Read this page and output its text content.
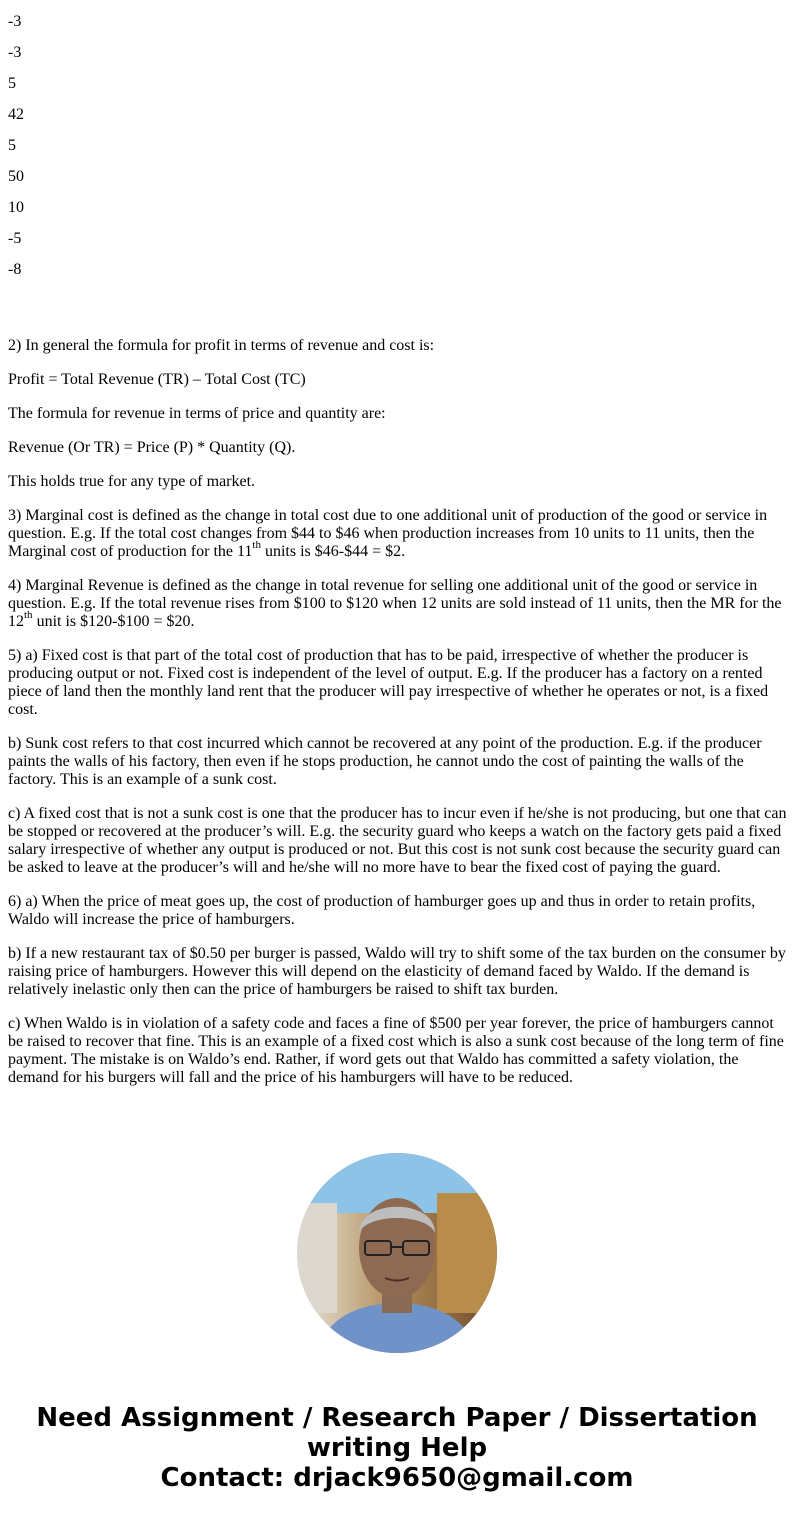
-3
-3
5
42
5
50
10
-5
-8

2) In general the formula for profit in terms of revenue and cost is:

Profit = Total Revenue (TR) – Total Cost (TC)

The formula for revenue in terms of price and quantity are:

Revenue (Or TR) = Price (P) * Quantity (Q).

This holds true for any type of market.

3) Marginal cost is defined as the change in total cost due to one additional unit of production of the good or service in question. E.g. If the total cost changes from $44 to $46 when production increases from 10 units to 11 units, then the Marginal cost of production for the 11th units is $46-$44 = $2.

4) Marginal Revenue is defined as the change in total revenue for selling one additional unit of the good or service in question. E.g. If the total revenue rises from $100 to $120 when 12 units are sold instead of 11 units, then the MR for the 12th unit is $120-$100 = $20.

5) a) Fixed cost is that part of the total cost of production that has to be paid, irrespective of whether the producer is producing output or not. Fixed cost is independent of the level of output. E.g. If the producer has a factory on a rented piece of land then the monthly land rent that the producer will pay irrespective of whether he operates or not, is a fixed cost.

b) Sunk cost refers to that cost incurred which cannot be recovered at any point of the production. E.g. if the producer paints the walls of his factory, then even if he stops production, he cannot undo the cost of painting the walls of the factory. This is an example of a sunk cost.

c) A fixed cost that is not a sunk cost is one that the producer has to incur even if he/she is not producing, but one that can be stopped or recovered at the producer’s will. E.g. the security guard who keeps a watch on the factory gets paid a fixed salary irrespective of whether any output is produced or not. But this cost is not sunk cost because the security guard can be asked to leave at the producer’s will and he/she will no more have to bear the fixed cost of paying the guard.

6) a) When the price of meat goes up, the cost of production of hamburger goes up and thus in order to retain profits, Waldo will increase the price of hamburgers.

b) If a new restaurant tax of $0.50 per burger is passed, Waldo will try to shift some of the tax burden on the consumer by raising price of hamburgers. However this will depend on the elasticity of demand faced by Waldo. If the demand is relatively inelastic only then can the price of hamburgers be raised to shift tax burden.

c) When Waldo is in violation of a safety code and faces a fine of $500 per year forever, the price of hamburgers cannot be raised to recover that fine. This is an example of a fixed cost which is also a sunk cost because of the long term of fine payment. The mistake is on Waldo’s end. Rather, if word gets out that Waldo has committed a safety violation, the demand for his burgers will fall and the price of his hamburgers will have to be reduced.

Need Assignment / Research Paper / Dissertation
writing Help
Contact: drjack9650@gmail.com
